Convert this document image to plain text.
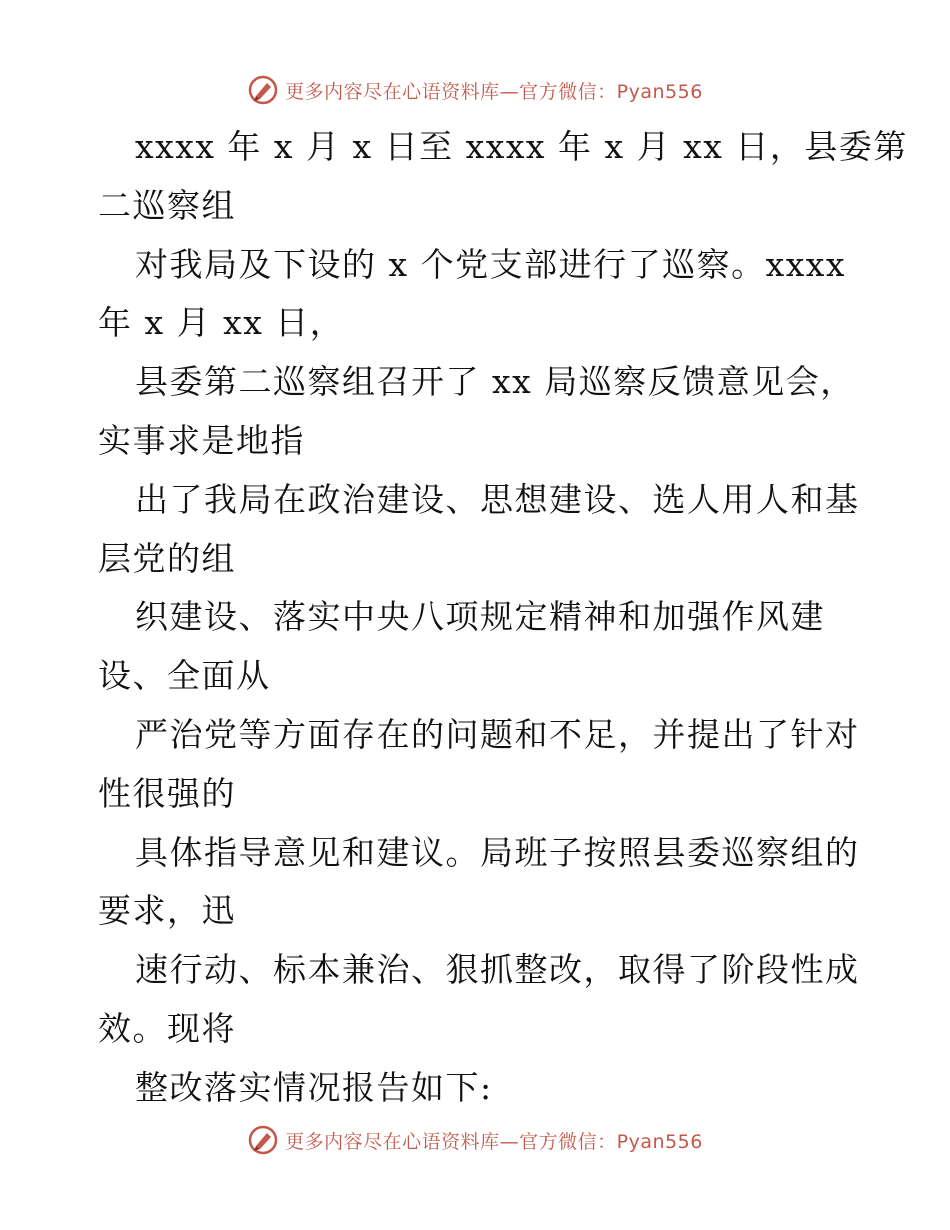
更多内容尽在心语资料库—官方微信：Pyan556
xxxx 年 x 月 x 日至 xxxx 年 x 月 xx 日，县委第
二巡察组
对我局及下设的 x 个党支部进行了巡察。xxxx
年 x 月 xx 日，
县委第二巡察组召开了 xx 局巡察反馈意见会，
实事求是地指
出了我局在政治建设、思想建设、选人用人和基
层党的组
织建设、落实中央八项规定精神和加强作风建
设、全面从
严治党等方面存在的问题和不足，并提出了针对
性很强的
具体指导意见和建议。局班子按照县委巡察组的
要求，迅
速行动、标本兼治、狠抓整改，取得了阶段性成
效。现将
整改落实情况报告如下:
更多内容尽在心语资料库—官方微信：Pyan556
